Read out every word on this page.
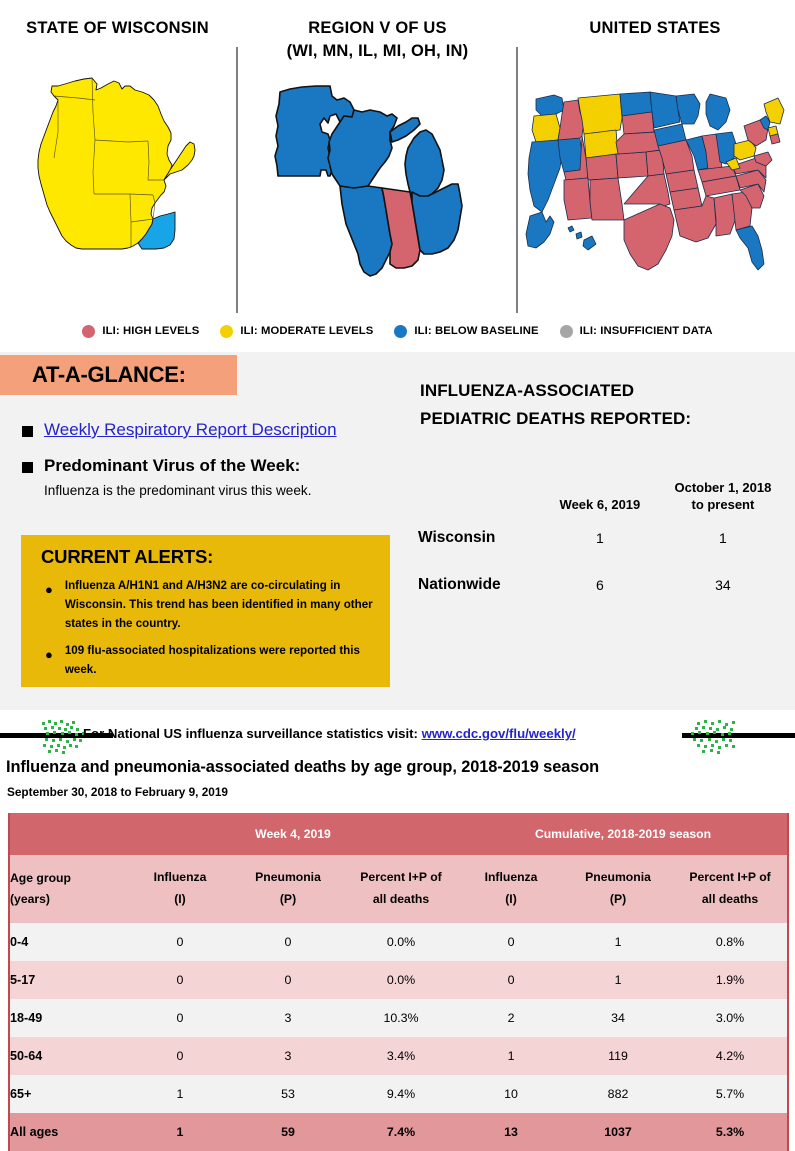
STATE OF WISCONSIN	REGION V OF US
(WI, MN, IL, MI, OH, IN)
UNITED STATES
ILI: HIGH LEVELS	ILI: MODERATE LEVELS	ILI: BELOW BASELINE	ILI: INSUFFICIENT DATA
AT-A-GLANCE:
Weekly Respiratory Report Description
Predominant Virus of the Week:
Influenza is the predominant virus this week.
CURRENT ALERTS:
● Influenza A/H1N1 and A/H3N2 are co-circulating in Wisconsin. This trend has been identified in many other states in the country.
● 109 flu-associated hospitalizations were reported this week.
INFLUENZA-ASSOCIATED
PEDIATRIC DEATHS REPORTED:
	Week 6, 2019	October 1, 2018
to present

Wisconsin	1	1
Nationwide	6	34
For National US influenza surveillance statistics visit: www.cdc.gov/flu/weekly/
Influenza and pneumonia-associated deaths by age group, 2018-2019 season
September 30, 2018 to February 9, 2019
	Week 4, 2019			Cumulative, 2018-2019 season		

Age group
(years)

Influenza
(I)

Pneumonia
(P)

Percent I+P of
all deaths

Influenza
(I)

Pneumonia
(P)

Percent I+P of
all deaths

0-4	0	0	0.0%	0	1	0.8%
5-17	0	0	0.0%	0	1	1.9%
18-49	0	3	10.3%	2	34	3.0%
50-64	0	3	3.4%	1	119	4.2%
65+	1	53	9.4%	10	882	5.7%
All ages	1	59	7.4%	13	1037	5.3%
